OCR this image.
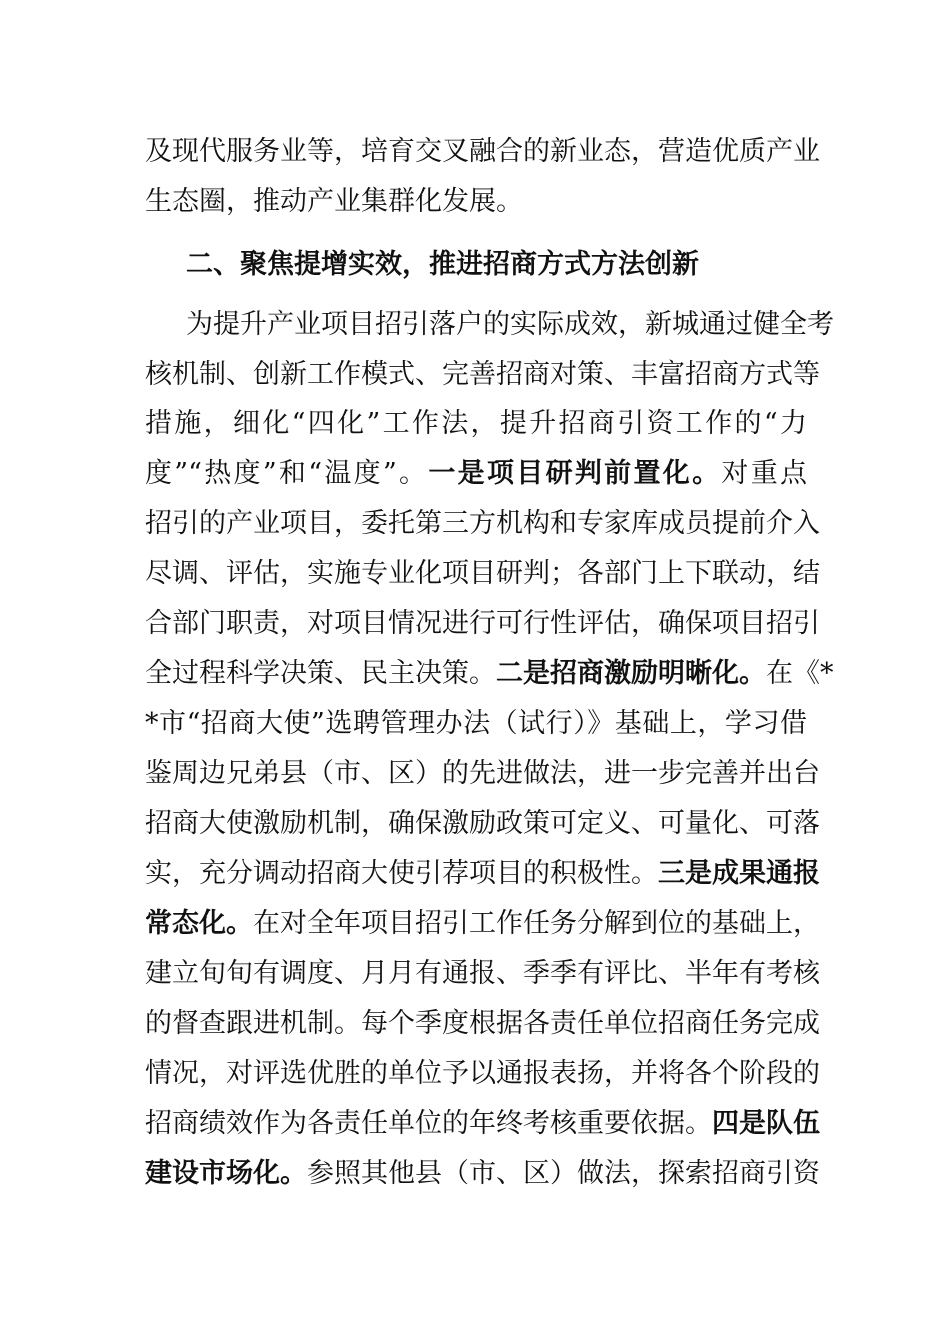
及现代服务业等，培育交叉融合的新业态，营造优质产业
生态圈，推动产业集群化发展。
二、聚焦提增实效，推进招商方式方法创新
为提升产业项目招引落户的实际成效，新城通过健全考
核机制、创新工作模式、完善招商对策、丰富招商方式等
措施，细化“四化”工作法，提升招商引资工作的“力
度”“热度”和“温度”。一是项目研判前置化。对重点
招引的产业项目，委托第三方机构和专家库成员提前介入
尽调、评估，实施专业化项目研判；各部门上下联动，结
合部门职责，对项目情况进行可行性评估，确保项目招引
全过程科学决策、民主决策。二是招商激励明晰化。在《*
*市“招商大使”选聘管理办法（试行）》基础上，学习借
鉴周边兄弟县（市、区）的先进做法，进一步完善并出台
招商大使激励机制，确保激励政策可定义、可量化、可落
实，充分调动招商大使引荐项目的积极性。三是成果通报
常态化。在对全年项目招引工作任务分解到位的基础上，
建立旬旬有调度、月月有通报、季季有评比、半年有考核
的督查跟进机制。每个季度根据各责任单位招商任务完成
情况，对评选优胜的单位予以通报表扬，并将各个阶段的
招商绩效作为各责任单位的年终考核重要依据。四是队伍
建设市场化。参照其他县（市、区）做法，探索招商引资
